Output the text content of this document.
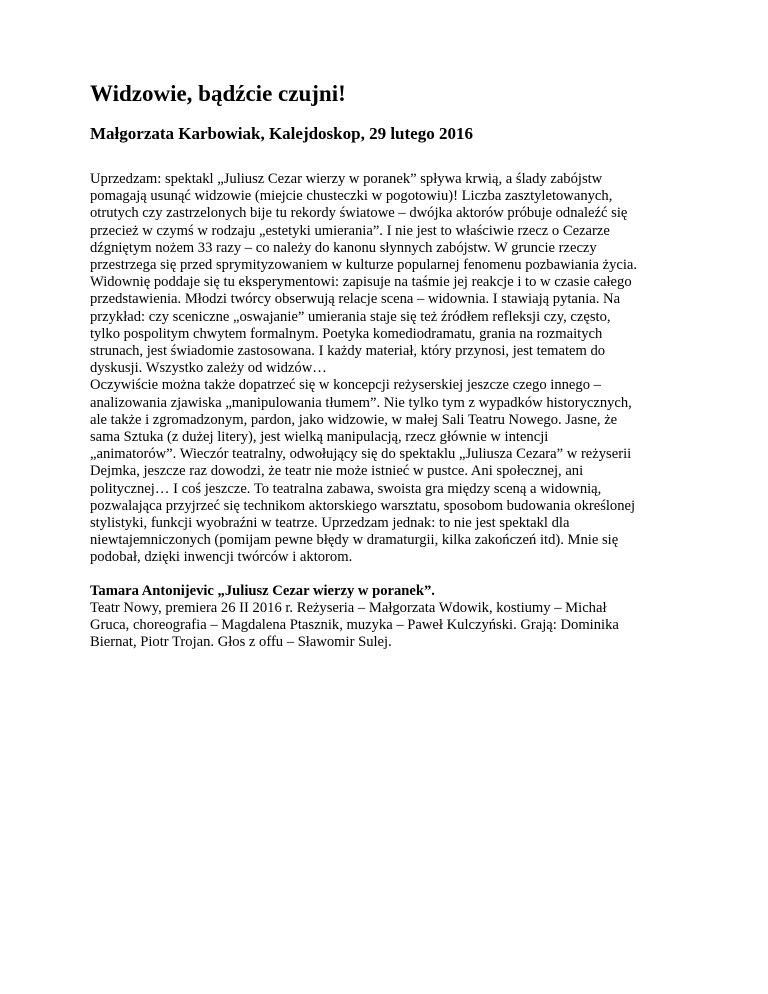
Widzowie, bądźcie czujni!
Małgorzata Karbowiak, Kalejdoskop, 29 lutego 2016
Uprzedzam: spektakl „Juliusz Cezar wierzy w poranek” spływa krwią, a ślady zabójstw
pomagają usunąć widzowie (miejcie chusteczki w pogotowiu)! Liczba zasztyletowanych,
otrutych czy zastrzelonych bije tu rekordy światowe – dwójka aktorów próbuje odnaleźć się
przecież w czymś w rodzaju „estetyki umierania”. I nie jest to właściwie rzecz o Cezarze
dźgniętym nożem 33 razy – co należy do kanonu słynnych zabójstw. W gruncie rzeczy
przestrzega się przed sprymityzowaniem w kulturze popularnej fenomenu pozbawiania życia.
Widownię poddaje się tu eksperymentowi: zapisuje na taśmie jej reakcje i to w czasie całego
przedstawienia. Młodzi twórcy obserwują relacje scena – widownia. I stawiają pytania. Na
przykład: czy sceniczne „oswajanie” umierania staje się też źródłem refleksji czy, często,
tylko pospolitym chwytem formalnym. Poetyka komediodramatu, grania na rozmaitych
strunach, jest świadomie zastosowana. I każdy materiał, który przynosi, jest tematem do
dyskusji. Wszystko zależy od widzów…
Oczywiście można także dopatrzeć się w koncepcji reżyserskiej jeszcze czego innego –
analizowania zjawiska „manipulowania tłumem”. Nie tylko tym z wypadków historycznych,
ale także i zgromadzonym, pardon, jako widzowie, w małej Sali Teatru Nowego. Jasne, że
sama Sztuka (z dużej litery), jest wielką manipulacją, rzecz głównie w intencji
„animatorów”. Wieczór teatralny, odwołujący się do spektaklu „Juliusza Cezara” w reżyserii
Dejmka, jeszcze raz dowodzi, że teatr nie może istnieć w pustce. Ani społecznej, ani
politycznej… I coś jeszcze. To teatralna zabawa, swoista gra między sceną a widownią,
pozwalająca przyjrzeć się technikom aktorskiego warsztatu, sposobom budowania określonej
stylistyki, funkcji wyobraźni w teatrze. Uprzedzam jednak: to nie jest spektakl dla
niewtajemniczonych (pomijam pewne błędy w dramaturgii, kilka zakończeń itd). Mnie się
podobał, dzięki inwencji twórców i aktorom.
Tamara Antonijevic „Juliusz Cezar wierzy w poranek”.
Teatr Nowy, premiera 26 II 2016 r. Reżyseria – Małgorzata Wdowik, kostiumy – Michał
Gruca, choreografia – Magdalena Ptasznik, muzyka – Paweł Kulczyński. Grają: Dominika
Biernat, Piotr Trojan. Głos z offu – Sławomir Sulej.
